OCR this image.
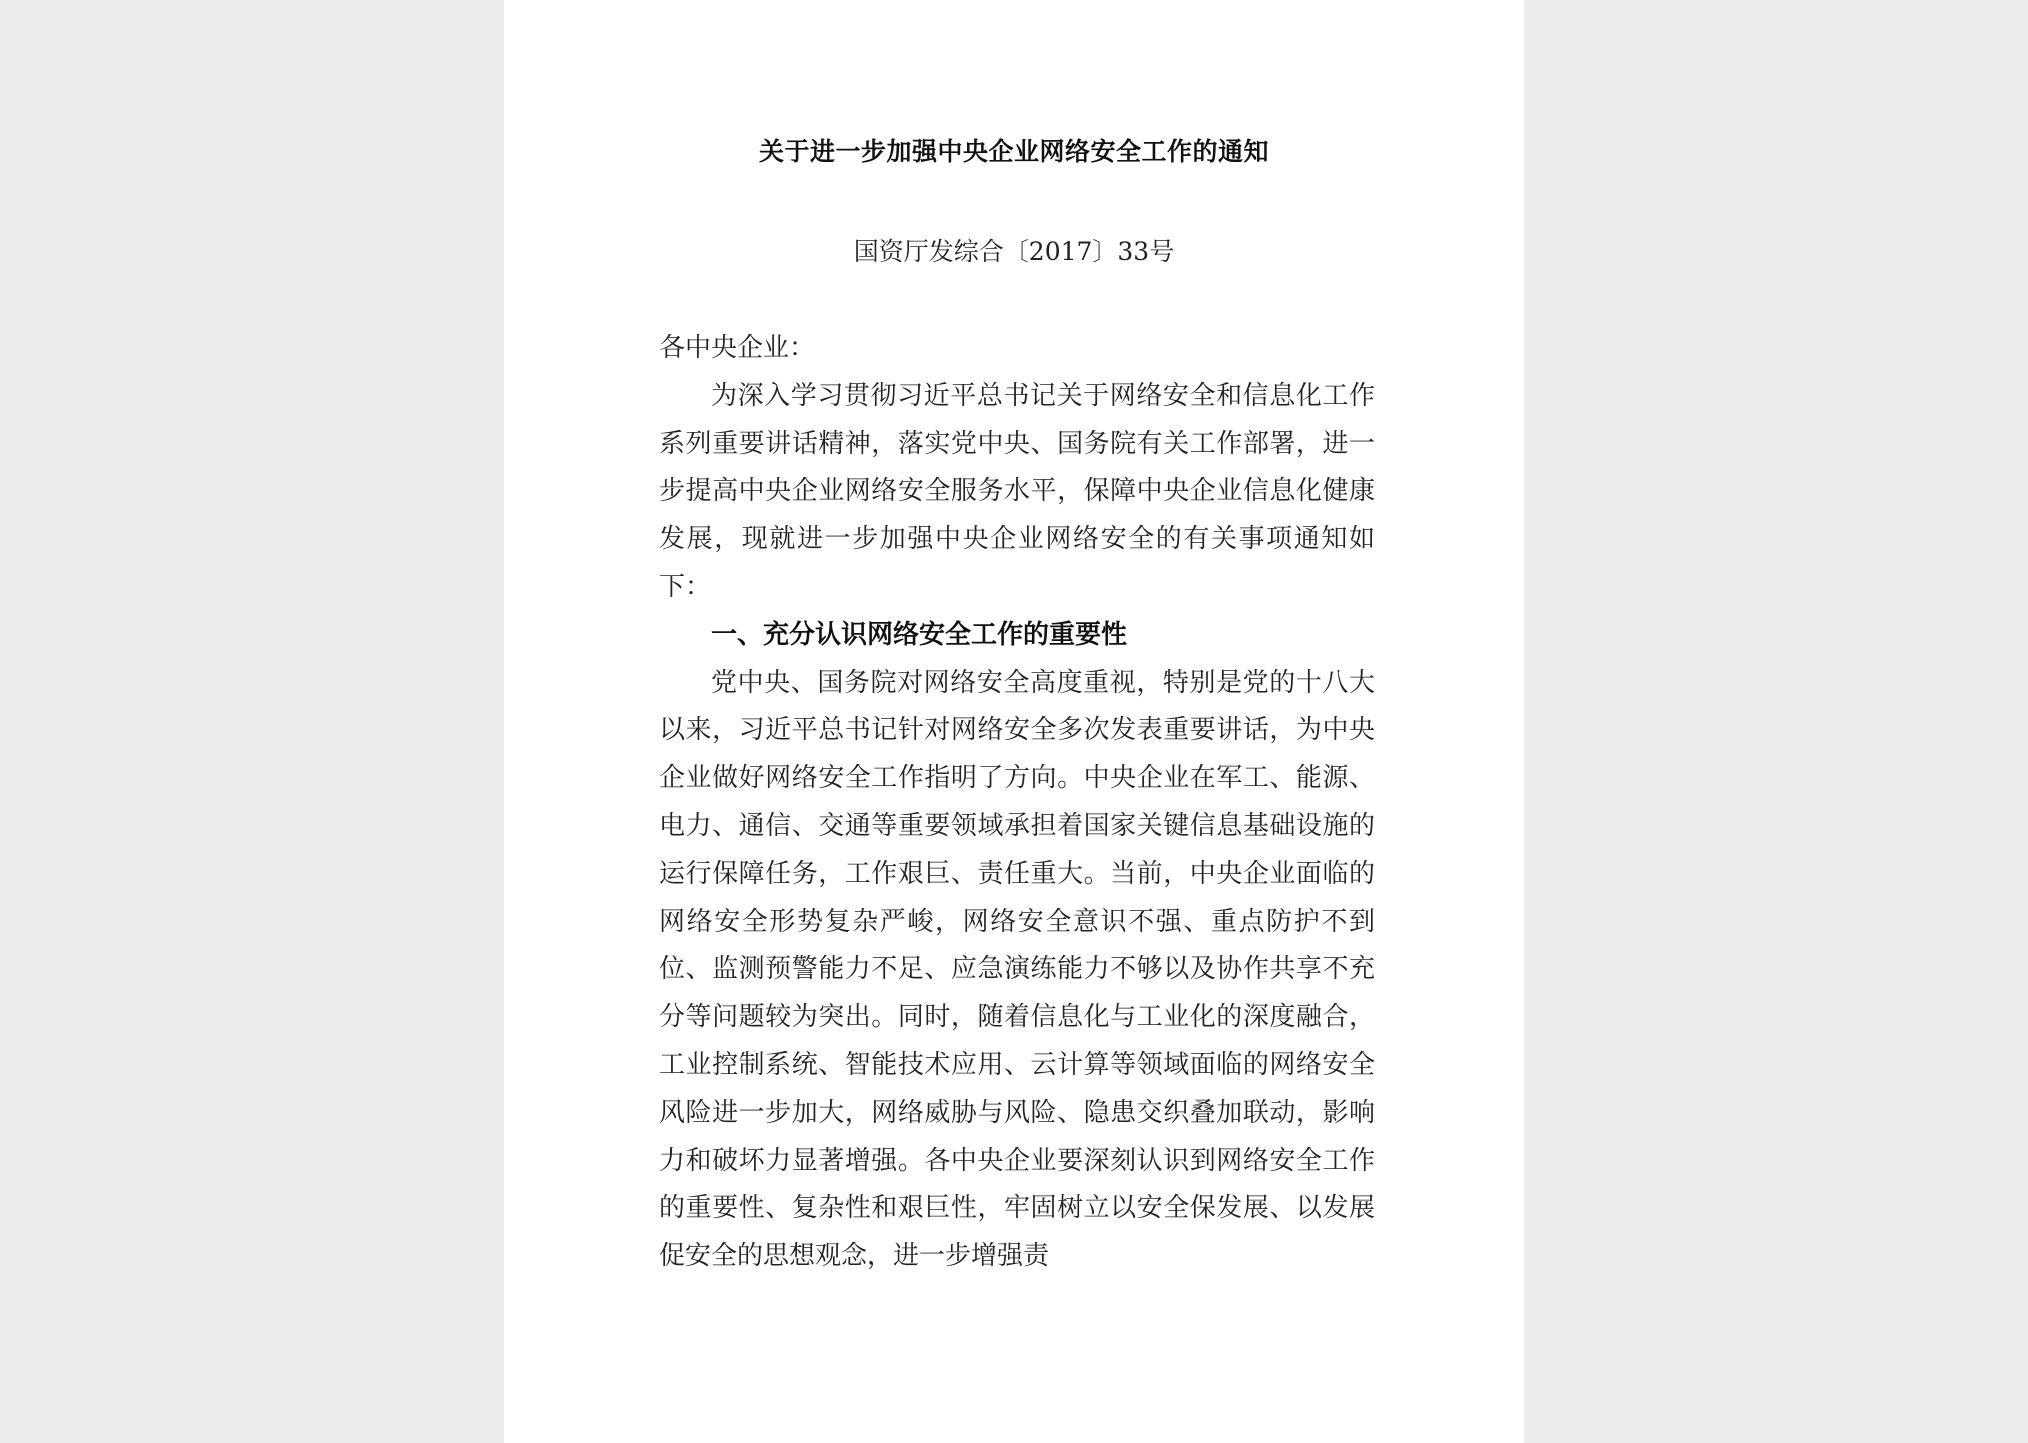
关于进一步加强中央企业网络安全工作的通知
国资厅发综合〔2017〕33号

各中央企业：

为深入学习贯彻习近平总书记关于网络安全和信息化工作系列重要讲话精神，落实党中央、国务院有关工作部署，进一步提高中央企业网络安全服务水平，保障中央企业信息化健康发展，现就进一步加强中央企业网络安全的有关事项通知如下：

一、充分认识网络安全工作的重要性

党中央、国务院对网络安全高度重视，特别是党的十八大以来，习近平总书记针对网络安全多次发表重要讲话，为中央企业做好网络安全工作指明了方向。中央企业在军工、能源、电力、通信、交通等重要领域承担着国家关键信息基础设施的运行保障任务，工作艰巨、责任重大。当前，中央企业面临的网络安全形势复杂严峻，网络安全意识不强、重点防护不到位、监测预警能力不足、应急演练能力不够以及协作共享不充分等问题较为突出。同时，随着信息化与工业化的深度融合，工业控制系统、智能技术应用、云计算等领域面临的网络安全风险进一步加大，网络威胁与风险、隐患交织叠加联动，影响力和破坏力显著增强。各中央企业要深刻认识到网络安全工作的重要性、复杂性和艰巨性，牢固树立以安全保发展、以发展促安全的思想观念，进一步增强责
